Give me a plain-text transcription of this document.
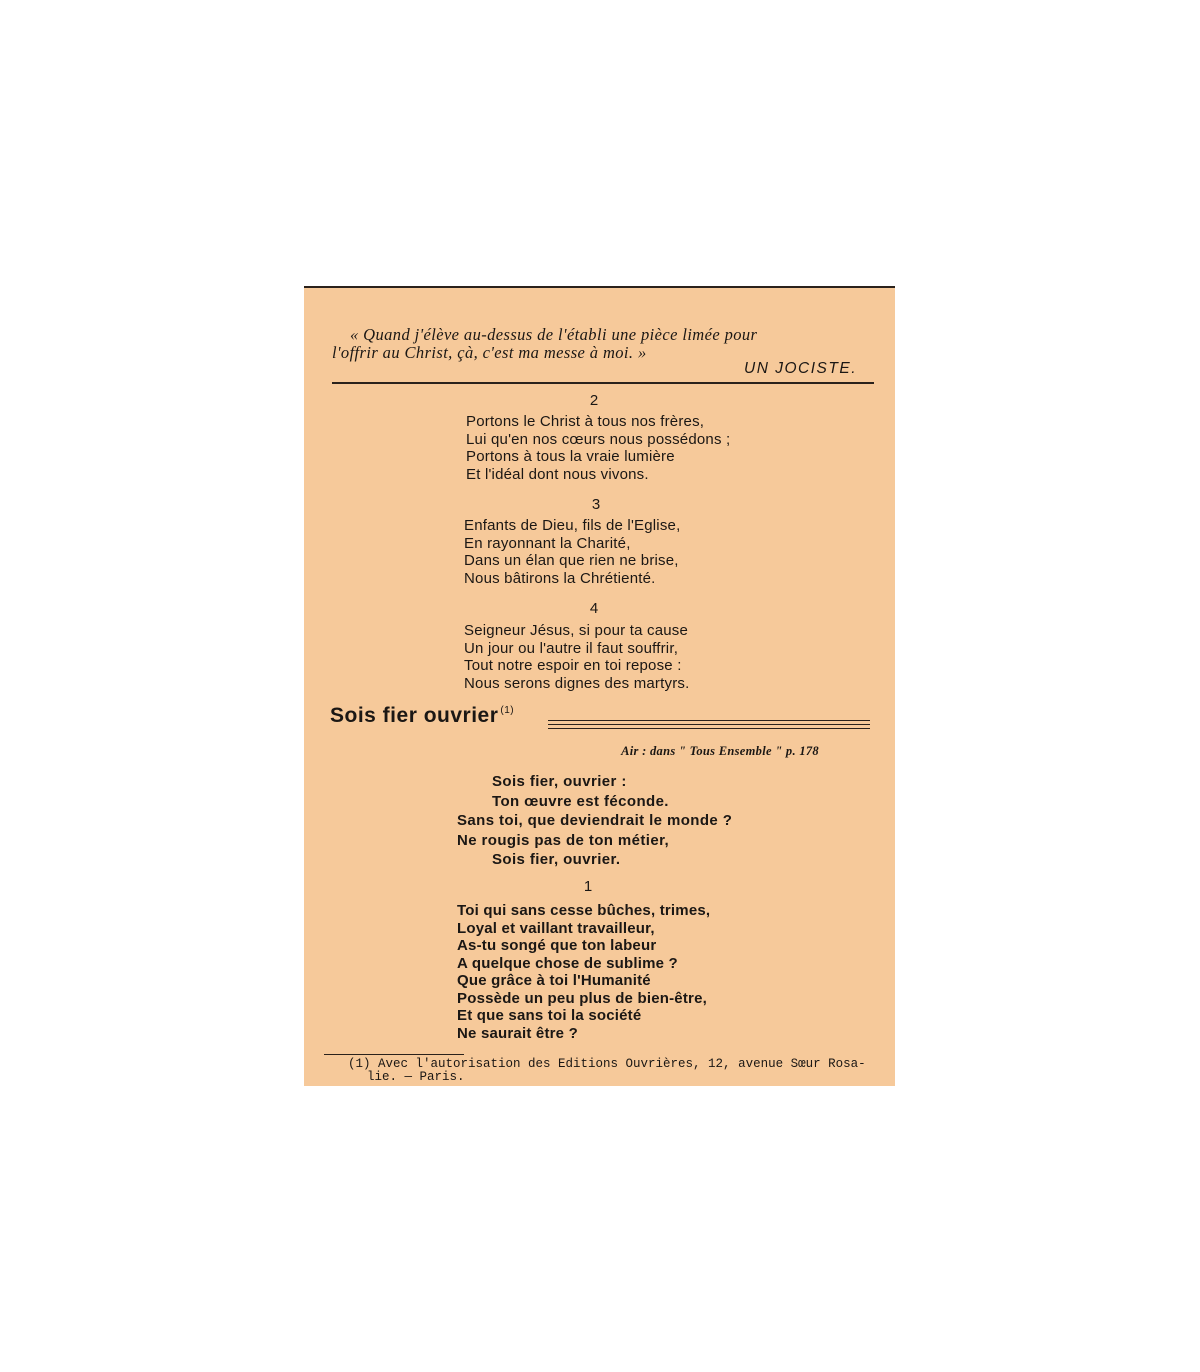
« Quand j'élève au-dessus de l'établi une pièce limée pour
l'offrir au Christ, çà, c'est ma messe à moi. »
UN JOCISTE.
2
Portons le Christ à tous nos frères,
Lui qu'en nos cœurs nous possédons ;
Portons à tous la vraie lumière
Et l'idéal dont nous vivons.
3
Enfants de Dieu, fils de l'Eglise,
En rayonnant la Charité,
Dans un élan que rien ne brise,
Nous bâtirons la Chrétienté.
4
Seigneur Jésus, si pour ta cause
Un jour ou l'autre il faut souffrir,
Tout notre espoir en toi repose :
Nous serons dignes des martyrs.
Sois fier ouvrier $^{(1)}$
Air : dans " Tous Ensemble " p. 178
Sois fier, ouvrier :
Ton œuvre est féconde.
Sans toi, que deviendrait le monde ?
Ne rougis pas de ton métier,
Sois fier, ouvrier.
1
Toi qui sans cesse bûches, trimes,
Loyal et vaillant travailleur,
As-tu songé que ton labeur
A quelque chose de sublime ?
Que grâce à toi l'Humanité
Possède un peu plus de bien-être,
Et que sans toi la société
Ne saurait être ?
(1) Avec l'autorisation des Editions Ouvrières, 12, avenue Sœur Rosa-
lie. — Paris.
